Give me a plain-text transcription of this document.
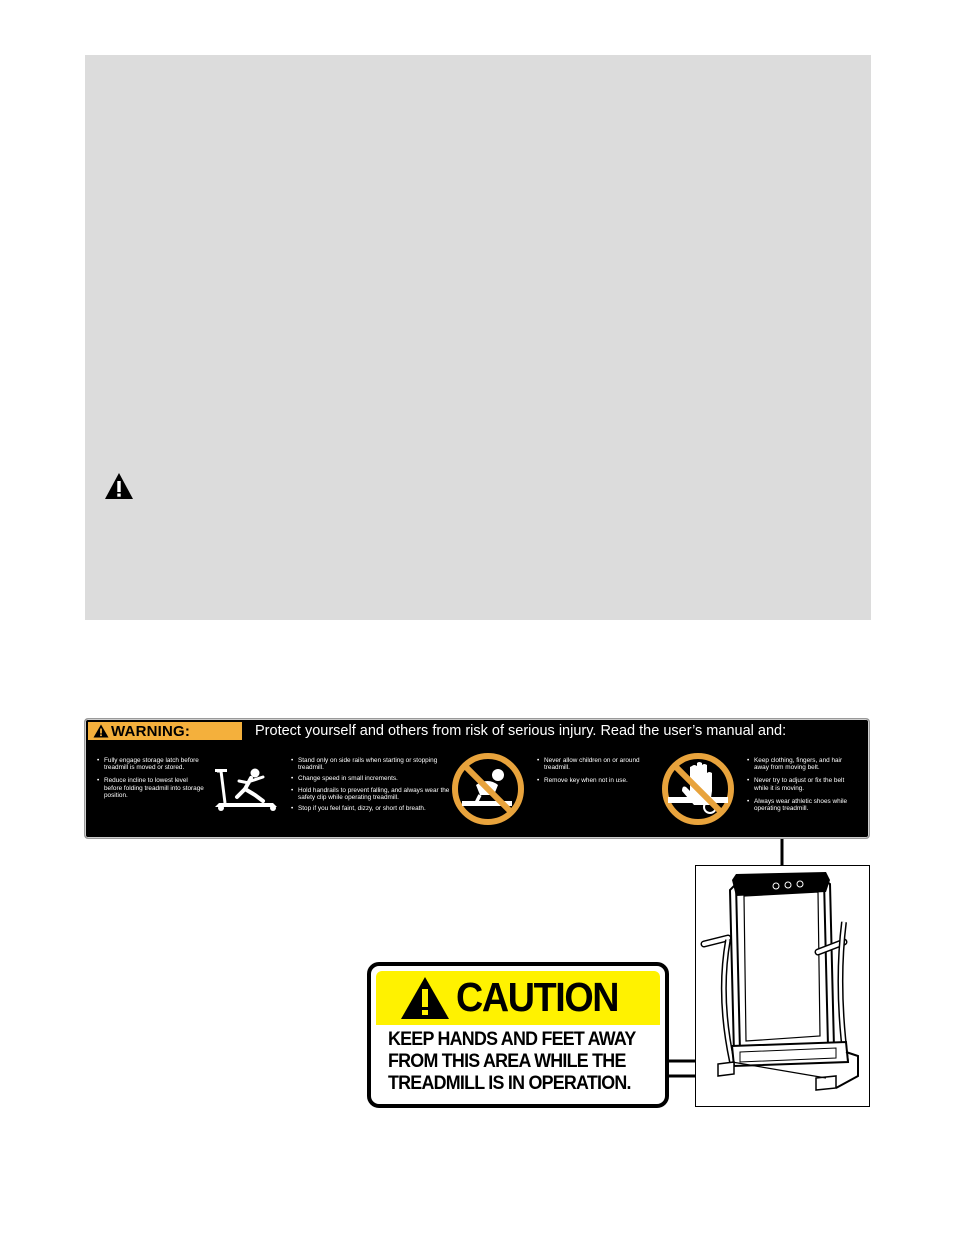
WARNING:	Protect yourself and others from risk of serious injury. Read the user’s manual and:
• Fully engage storage latch before treadmill is moved or stored.
• Reduce incline to lowest level before folding treadmill into storage position.
• Stand only on side rails when starting or stopping treadmill.
• Change speed in small increments.
• Hold handrails to prevent falling, and always wear the safety clip while operating treadmill.
• Stop if you feel faint, dizzy, or short of breath.
• Never allow children on or around treadmill.
• Remove key when not in use.
• Keep clothing, fingers, and hair away from moving belt.
• Never try to adjust or fix the belt while it is moving.
• Always wear athletic shoes while operating treadmill.
CAUTION
KEEP HANDS AND FEET AWAY
FROM THIS AREA WHILE THE
TREADMILL IS IN OPERATION.
